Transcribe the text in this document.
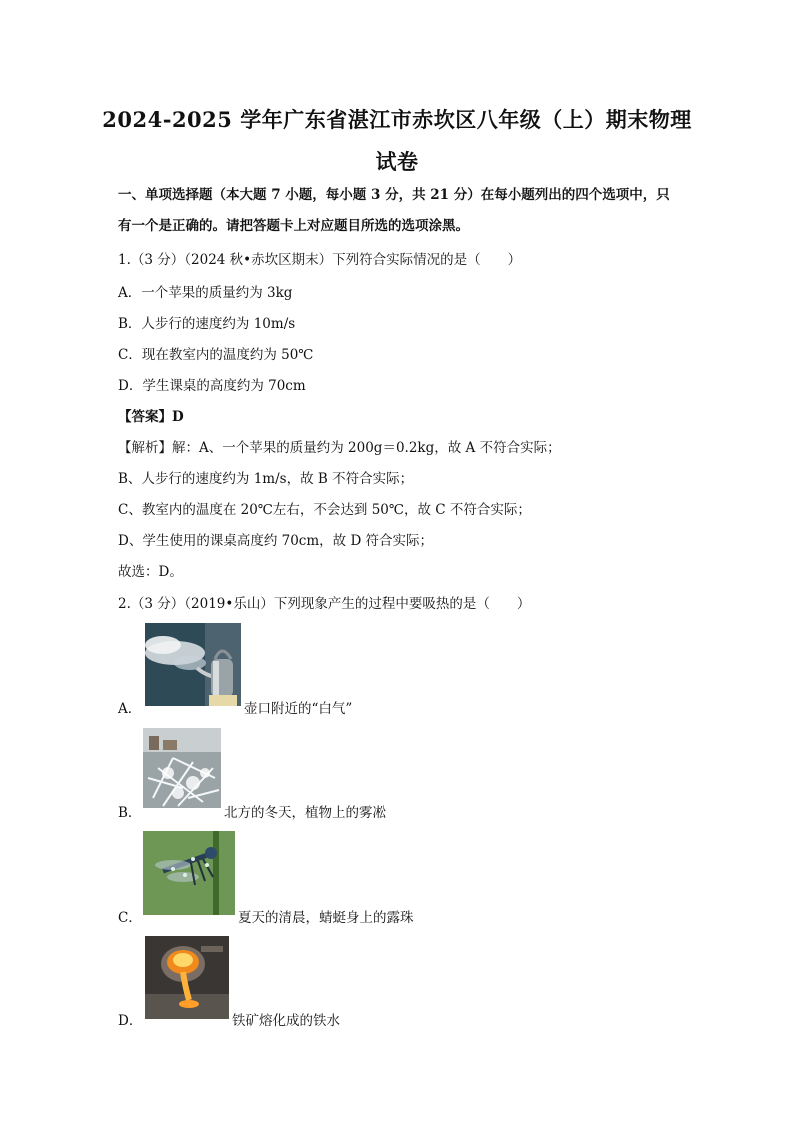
2024-2025 学年广东省湛江市赤坎区八年级（上）期末物理
试卷
一、单项选择题（本大题 7 小题，每小题 3 分，共 21 分）在每小题列出的四个选项中，只
有一个是正确的。请把答题卡上对应题目所选的选项涂黑。
1.（3 分）（2024 秋•赤坎区期末）下列符合实际情况的是（　　）
A．一个苹果的质量约为 3kg
B．人步行的速度约为 10m/s
C．现在教室内的温度约为 50℃
D．学生课桌的高度约为 70cm
【答案】D
【解析】解：A、一个苹果的质量约为 200g＝0.2kg，故 A 不符合实际；
B、人步行的速度约为 1m/s，故 B 不符合实际；
C、教室内的温度在 20℃左右，不会达到 50℃，故 C 不符合实际；
D、学生使用的课桌高度约 70cm，故 D 符合实际；
故选：D。
2.（3 分）（2019•乐山）下列现象产生的过程中要吸热的是（　　）
A．	壶口附近的“白气”
B．	北方的冬天，植物上的雾凇
C．	夏天的清晨，蜻蜓身上的露珠
D．	铁矿熔化成的铁水
